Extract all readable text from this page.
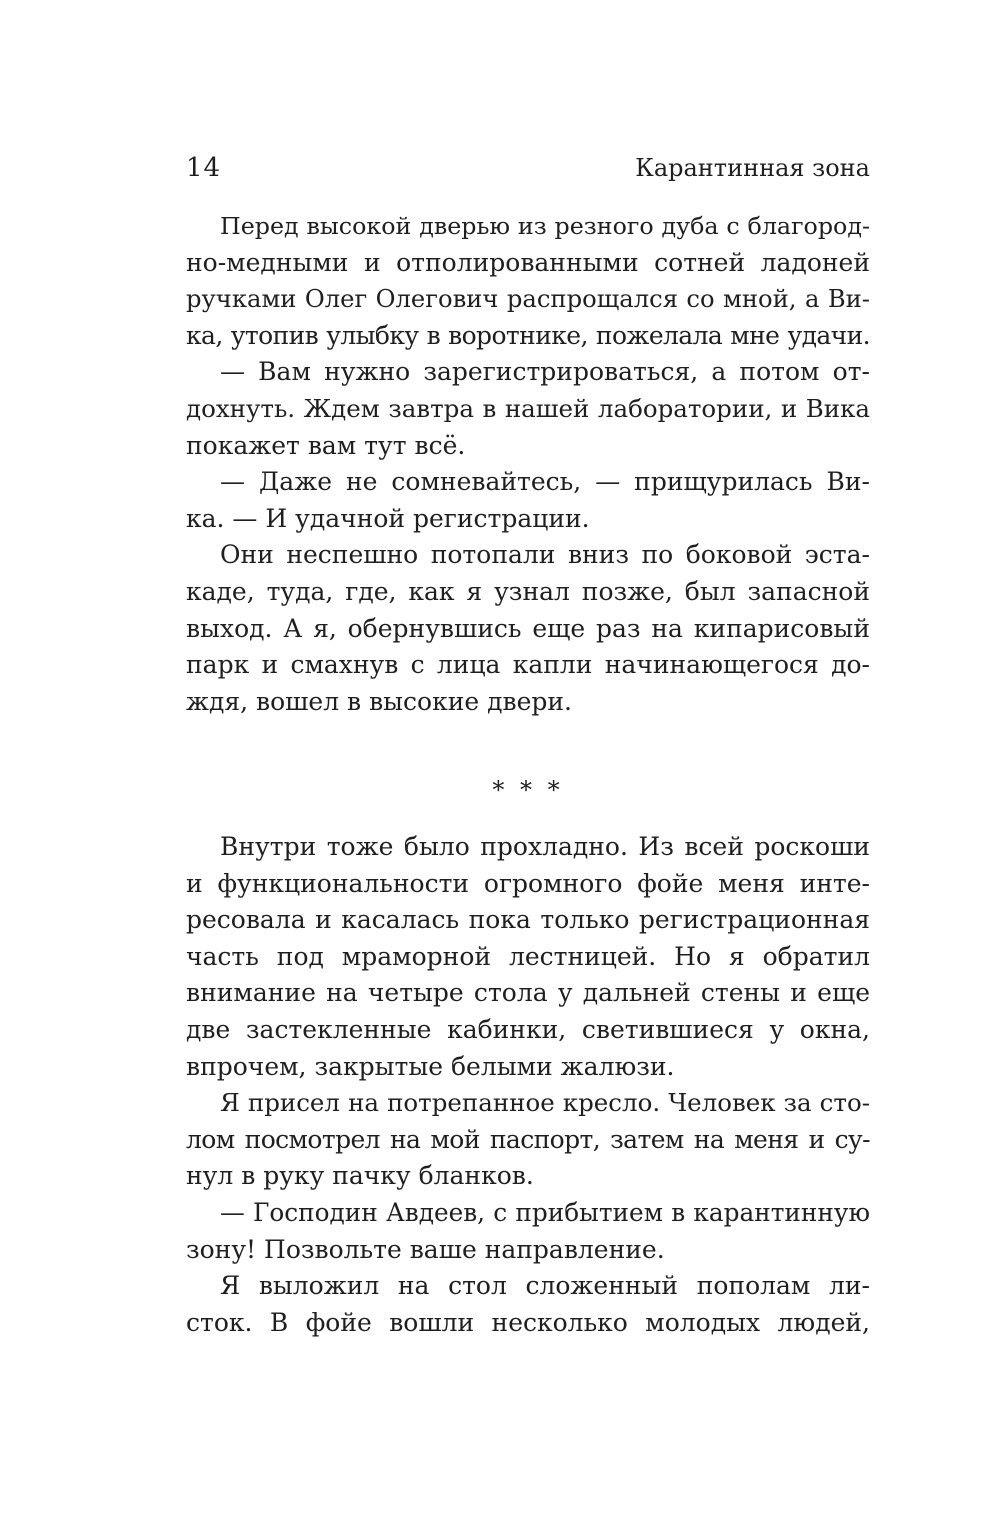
14	Карантинная зона
Перед высокой дверью из резного дуба с благород-
но-медными и отполированными сотней ладоней
ручками Олег Олегович распрощался со мной, а Ви-
ка, утопив улыбку в воротнике, пожелала мне удачи.
— Вам нужно зарегистрироваться, а потом от-
дохнуть. Ждем завтра в нашей лаборатории, и Вика
покажет вам тут всё.
— Даже не сомневайтесь, — прищурилась Ви-
ка. — И удачной регистрации.
Они неспешно потопали вниз по боковой эста-
каде, туда, где, как я узнал позже, был запасной
выход. А я, обернувшись еще раз на кипарисовый
парк и смахнув с лица капли начинающегося до-
ждя, вошел в высокие двери.
* * *
Внутри тоже было прохладно. Из всей роскоши
и функциональности огромного фойе меня инте-
ресовала и касалась пока только регистрационная
часть под мраморной лестницей. Но я обратил
внимание на четыре стола у дальней стены и еще
две застекленные кабинки, светившиеся у окна,
впрочем, закрытые белыми жалюзи.
Я присел на потрепанное кресло. Человек за сто-
лом посмотрел на мой паспорт, затем на меня и су-
нул в руку пачку бланков.
— Господин Авдеев, с прибытием в карантинную
зону! Позвольте ваше направление.
Я выложил на стол сложенный пополам ли-
сток. В фойе вошли несколько молодых людей,
